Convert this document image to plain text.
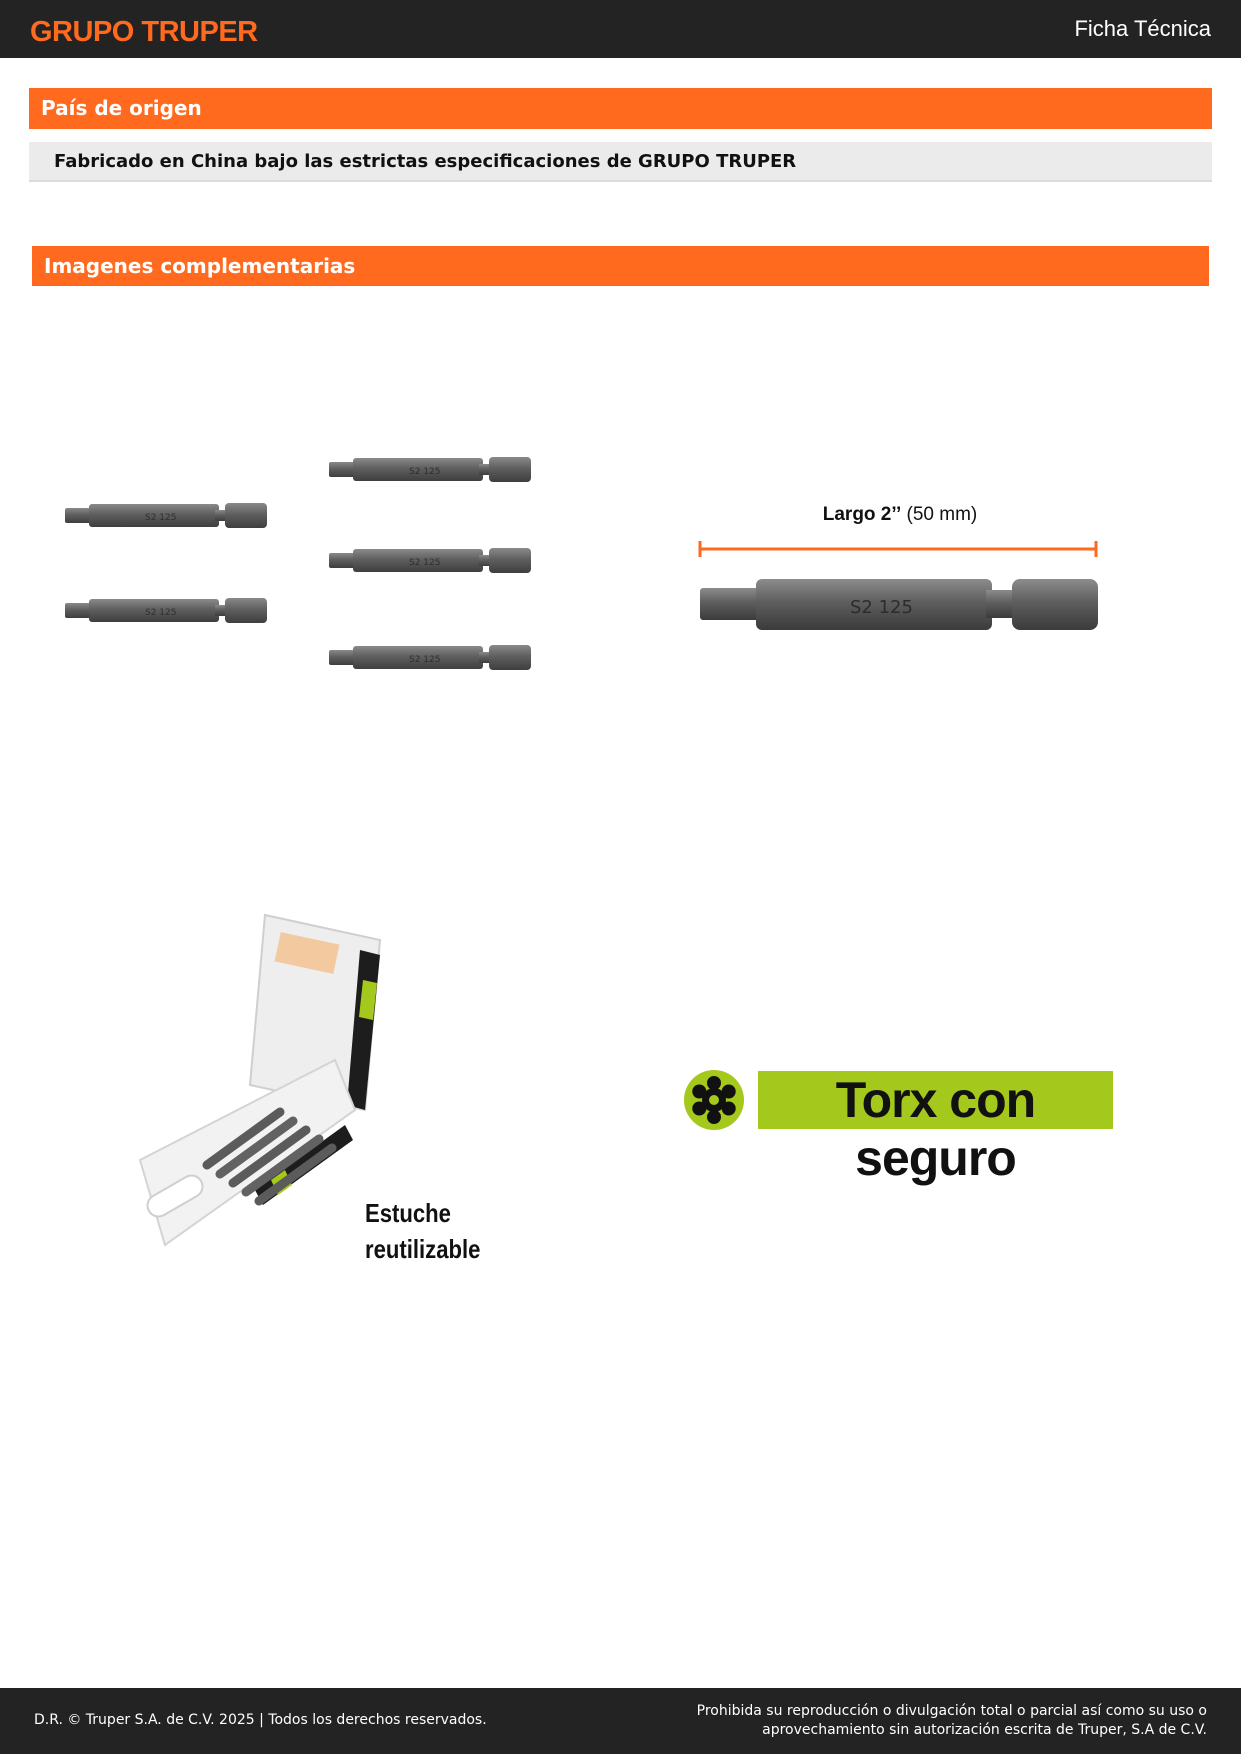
GRUPO TRUPER	Ficha Técnica
País de origen
Fabricado en China bajo las estrictas especificaciones de GRUPO TRUPER
Imagenes complementarias
S2 125
Largo 2’’ (50 mm)
S2 125
Estuche
reutilizable
Torx con seguro
D.R. © Truper S.A. de C.V. 2025 | Todos los derechos reservados.
Prohibida su reproducción o divulgación total o parcial así como su uso o
aprovechamiento sin autorización escrita de Truper, S.A de C.V.
